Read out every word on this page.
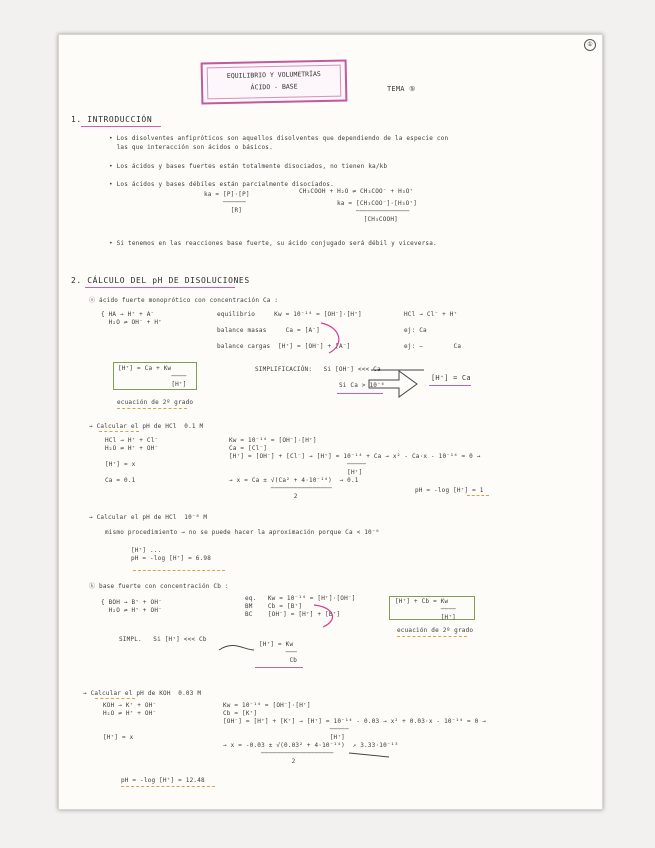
①
EQUILIBRIO Y VOLUMETRÍAS
ÁCIDO - BASE	TEMA ⑤
1. INTRODUCCIÓN
• Los disolventes anfipróticos son aquellos disolventes que dependiendo de la especie con
las que interacción son ácidos o básicos.
• Los ácidos y bases fuertes están totalmente disociados, no tienen ka/kb
• Los ácidos y bases débiles están parcialmente disociados.
ka = [P]·[P]
──────
[R]
CH₃COOH + H₂O ⇌ CH₃COO⁻ + H₃O⁺
ka = [CH₃COO⁻]·[H₃O⁺]
──────────────
[CH₃COOH]
• Si tenemos en las reacciones base fuerte, su ácido conjugado será débil y viceversa.
2. CÁLCULO DEL pH DE DISOLUCIONES
ⓐ ácido fuerte monoprótico con concentración Ca :
{ HA → H⁺ + A⁻
H₂O ⇌ OH⁻ + H⁺
equilibrio     Kw = 10⁻¹⁴ = [OH⁻]·[H⁺]

balance masas     Ca = [A⁻]

balance cargas  [H⁺] = [OH⁻] + [A⁻]
HCl → Cl⁻ + H⁺

ej: Ca

ej: —        Ca
[H⁺] = Ca + Kw
────
[H⁺]
ecuación de 2º grado
SIMPLIFICACIÓN:   Si [OH⁻] <<< Ca
Si Ca > 10⁻⁶
[H⁺] = Ca
→ Calcular el pH de HCl  0.1 M
HCl → H⁺ + Cl⁻
H₂O ⇌ H⁺ + OH⁻

[H⁺] = x

Ca = 0.1
Kw = 10⁻¹⁴ = [OH⁻]·[H⁺]
Ca = [Cl⁻]
[H⁺] = [OH⁻] + [Cl⁻] → [H⁺] = 10⁻¹⁴ + Ca → x² - Ca·x - 10⁻¹⁴ = 0 →
─────
[H⁺]
→ x = Ca ± √(Ca² + 4·10⁻¹⁴)  → 0.1
────────────────
2
pH = -log [H⁺] = 1
→ Calcular el pH de HCl  10⁻⁸ M
mismo procedimiento → no se puede hacer la aproximación porque Ca < 10⁻⁶
[H⁺] ...
pH = -log [H⁺] = 6.98
ⓑ base fuerte con concentración Cb :
{ BOH → B⁺ + OH⁻
H₂O ⇌ H⁺ + OH⁻
eq.   Kw = 10⁻¹⁴ = [H⁺]·[OH⁻]
BM    Cb = [B⁺]
BC    [OH⁻] = [H⁺] + [B⁺]
[H⁺] + Cb = Kw
────
[H⁺]
ecuación de 2º grado
SIMPL.   Si [H⁺] <<< Cb
[H⁺] = Kw
───
Cb
→ Calcular el pH de KOH  0.03 M
KOH → K⁺ + OH⁻
H₂O ⇌ H⁺ + OH⁻

[H⁺] = x
Kw = 10⁻¹⁴ = [OH⁻]·[H⁺]
Cb = [K⁺]
[OH⁻] = [H⁺] + [K⁺] → [H⁺] = 10⁻¹⁴ - 0.03 → x² + 0.03·x - 10⁻¹⁴ = 0 →
─────
[H⁺]
→ x = -0.03 ± √(0.03² + 4·10⁻¹⁴)  ↗ 3.33·10⁻¹³
───────────────────
2
pH = -log [H⁺] = 12.48
